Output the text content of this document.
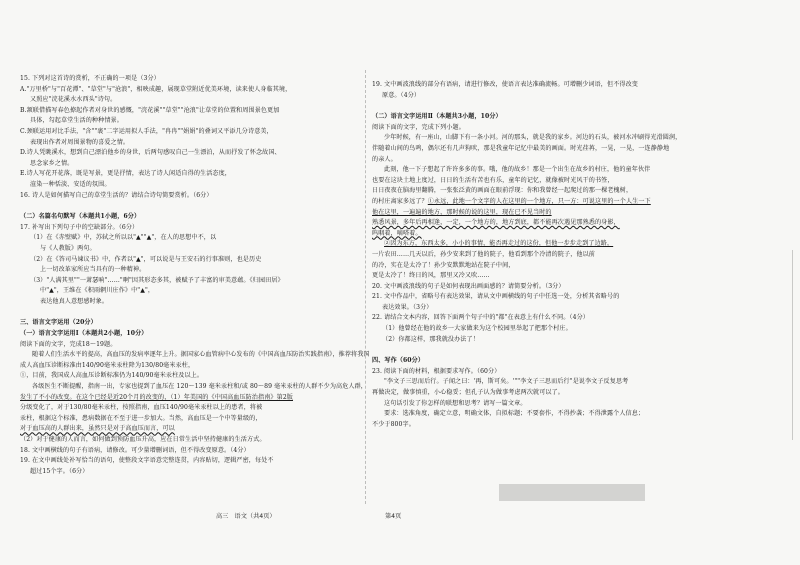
15. 下列对这首诗的赏析，不正确的一项是（3分）

A."万里桥"与"百花潭"、"草堂"与"沧浪"，相映成趣，展现草堂附近优美环境，读来使人身临其境，

又照应"浣花溪水水西头"诗句。

B.颔联借描写春色撩起作者对身世的感慨，"浣花溪""草堂""沧浪"让草堂的位置和周围景色更加

具体，勾起草堂生活的种种情景。

C.颈联运用对比手法，"含""裹"二字运用拟人手法，"冉冉""娟娟"的叠词又平添几分诗意美，

表现出作者对周围景物的喜爱之情。

D.诗人凭眺溪水，想到自己漂泊他乡的身世，后两句感叹自己一生漂泊，从而抒发了怀念故国、

思念家乡之情。

E.诗人写花开花落，既是写景，更是抒情，表达了诗人闲适自得的生活态度，

渲染一种恬淡、安适的氛围。

16. 诗人是如何描写自己的草堂生活的？请结合诗句简要赏析。（6分）

（二）名篇名句默写（本题共1小题，6分）

17. 补写出下列句子中的空缺部分。（6分）

（1）在《赤壁赋》中，苏轼之所以以"▲""▲"，在人的思想中不，以

与《人教版》两句。

（2）在《答司马谏议书》中，作者以"▲"，可以说是与王安石的行事准则，也是历史

上一切改革家所应当具有的一种精神。

（3）"人满其里""一萧瑟响"……"啊"因其形态多其，被赋予了丰富的审美意蕴。《归园田居》

中"▲"，王维在《积雨辋川庄作》中"▲"，

表达他真人意想感时象。

三、语言文字运用（20分）

（一）语言文字运用Ⅰ（本题共2小题，10分）

阅读下面的文字，完成18～19题。

随着人们生活水平的提高，高血压的发病率逐年上升。据国家心血管病中心发布的《中国高血压防治实践指南》，推荐将我国成人高血压诊断标准由140/90毫米汞柱降为130/80毫米汞柱，

①，目前，我国成人高血压诊断标准仍为140/90毫米汞柱及以上。

各级医生不断提醒，指南一出，专家也提到了血压在 120～139 毫米汞柱和/或 80～89 毫米汞柱的人群不少为高危人群，

发生了不小的改变。在这个已经是近20个月的改变的，（1）年美国的《中国高血压防治指南》第2版

分级变化了，对于130/80毫米汞柱，按照指南，血压140/90毫米汞柱以上的患者，将被

汞柱，根据这个标准，患病数据在不至于进一步加大。当然，高血压是一个中等量级的，

对于血压高的人群出来，虽然只是对于高血压而言，可以

（2）对于健康的人而言，如何做到预防血压升高，应在日常生活中坚持健康的生活方式。

18. 文中画横线的句子有语病，请修改。可少量增删词语，但不得改变原意。（4分）

19. 在文中画线处补写恰当的语句，使整段文字语意完整连贯，内容贴切，逻辑严密，每处不

超过15个字。（6分）

19. 文中画波浪线的部分有语病，请进行修改，使语言表达准确流畅。可增删少词语，但不得改变

原意。（4分）

（二）语言文字运用Ⅱ（本题共3小题，10分）

阅读下面的文字，完成下列小题。

少年时候，有一座山，山脚下有一条小河。河的那头，就是我的家乡。河边的石头，被河水冲刷得光滑圆润，

伴随着山间的鸟鸣，偶尔还有几声狗吠，那是我童年记忆中最美的画面。时光荏苒，一晃，一晃，一连静静地

的亲人。

此刻，他一下子想起了许许多多的事。哦，他的故乡！那是一个出生在故乡的村庄，他的童年伙伴

也要在这块土地上度过，日日的生活有苦也有乐，童年的记忆，就像被时光风干的书签，

日日夜夜在脑海里翻腾，一张张泛黄的画面在眼前浮现：你和我曾经一起爬过的那一棵老槐树，

的村庄离家多远了？①永远，此地一个文字的人在这里的一个地方，只一方：可说这里的一个人生一下

他在这里，一遍遍的地方，那时候的说的这里，现在已不见当时的

熟悉风景，多年后再相逢，一定，一个地方的，地方到底，都不能再次遇见那熟悉的身影，

呜咽着，嘀嗒着。

②因为东方，东西太多，小小的事情，能否再走过的这份，但他一步步走到了边路，

一片农田……几天以后，孙少安来到了他的院子，他看到那个冷清的院子，他以前

的冷，实在是太冷了！孙少安默默地站在院子中间，

更是太冷了！终日的风，那里又冷又吹……

20. 文中画波浪线的句子是如何表现出画面感的？请简要分析。（3分）

21. 文中作品中，省略号有表达效果，请从文中画横线的句子中任选一处，分析其省略号的

表达效果。（3分）

22. 请结合文本内容，回答下面两个句子中的"都"在表意上有什么不同。（4分）

（1）他曾经在他的故乡一大家做来为这个校园里举起了把那个村庄。

（2）你都这样，那我就没办法了！

四、写作（60分）

23. 阅读下面的材料，根据要求写作。（60分）

"李文子三思而后行。子闻之曰：'再，斯可矣。'""李文子三思而后行"是说李文子反复思考

再做决定，做事慎重，小心稳妥；但孔子认为做事考虑两次就可以了。

这句话引发了你怎样的联想和思考？请写一篇文章。

要求：选准角度，确定立意，明确文体，自拟标题；不要套作，不得抄袭；不得泄露个人信息；

不少于800字。

高三　语文（共4页）	第4页
